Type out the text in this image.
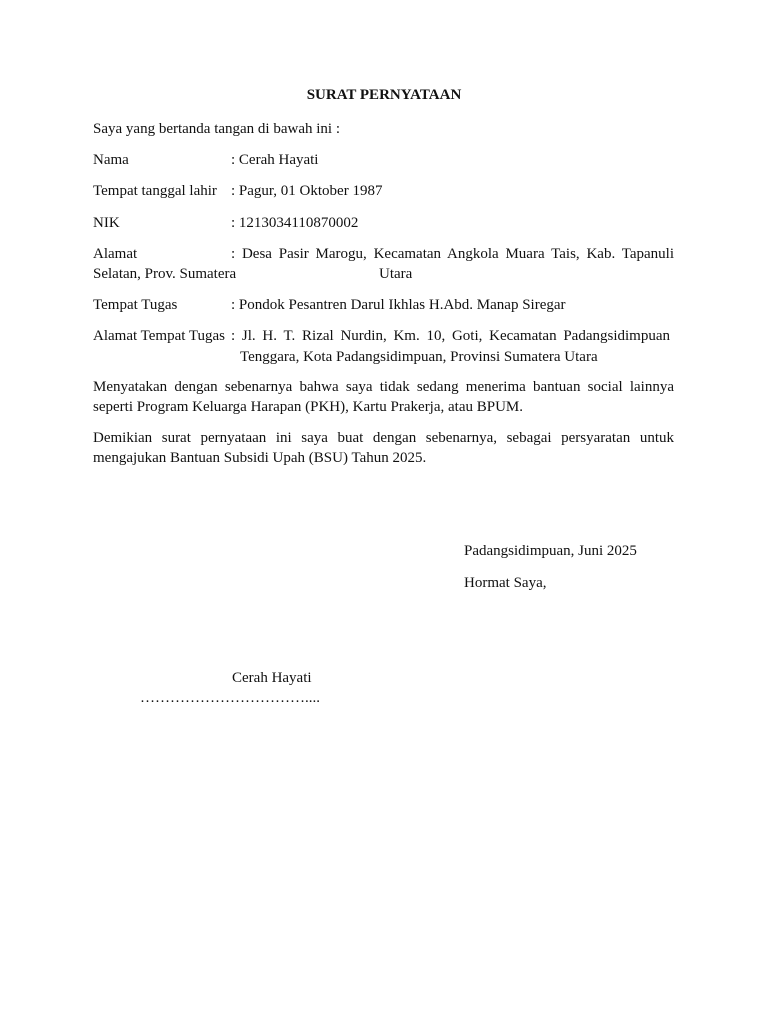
SURAT PERNYATAAN
Saya yang bertanda tangan di bawah ini :
Nama	: Cerah Hayati
Tempat tanggal lahir : Pagur, 01 Oktober 1987
NIK	: 1213034110870002
Alamat	: Desa Pasir Marogu, Kecamatan Angkola Muara Tais, Kab. Tapanuli
Selatan, Prov. Sumatera	Utara
Tempat Tugas	: Pondok Pesantren Darul Ikhlas H.Abd. Manap Siregar
Alamat Tempat Tugas : Jl. H. T. Rizal Nurdin, Km. 10, Goti, Kecamatan Padangsidimpuan
Tenggara, Kota Padangsidimpuan, Provinsi Sumatera Utara
Menyatakan dengan sebenarnya bahwa saya tidak sedang menerima bantuan social lainnya
seperti Program Keluarga Harapan (PKH), Kartu Prakerja, atau BPUM.
Demikian surat pernyataan ini saya buat dengan sebenarnya, sebagai persyaratan untuk
mengajukan Bantuan Subsidi Upah (BSU) Tahun 2025.
Padangsidimpuan, Juni 2025
Hormat Saya,
Cerah Hayati
……………………………....
